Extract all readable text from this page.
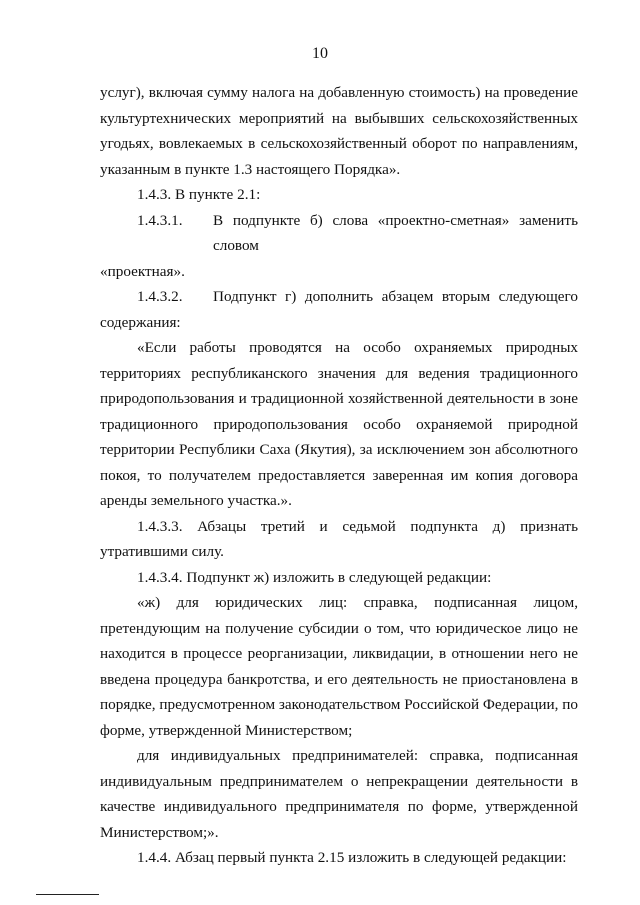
10

услуг), включая сумму налога на добавленную стоимость) на проведение культуртехнических мероприятий на выбывших сельскохозяйственных угодьях, вовлекаемых в сельскохозяйственный оборот по направлениям, указанным в пункте 1.3 настоящего Порядка».

1.4.3. В пункте 2.1:

1.4.3.1.	В подпункте б) слова «проектно-сметная» заменить словом

«проектная».

1.4.3.2.	Подпункт г) дополнить абзацем вторым следующего

содержания:

«Если работы проводятся на особо охраняемых природных территориях республиканского значения для ведения традиционного природопользования и традиционной хозяйственной деятельности в зоне традиционного природопользования особо охраняемой природной территории Республики Саха (Якутия), за исключением зон абсолютного покоя, то получателем предоставляется заверенная им копия договора аренды земельного участка.».

1.4.3.3. Абзацы третий и седьмой подпункта д) признать утратившими силу.

1.4.3.4. Подпункт ж) изложить в следующей редакции:

«ж) для юридических лиц: справка, подписанная лицом, претендующим на получение субсидии о том, что юридическое лицо не находится в процессе реорганизации, ликвидации, в отношении него не введена процедура банкротства, и его деятельность не приостановлена в порядке, предусмотренном законодательством Российской Федерации, по форме, утвержденной Министерством;

для индивидуальных предпринимателей: справка, подписанная индивидуальным предпринимателем о непрекращении деятельности в качестве индивидуального предпринимателя по форме, утвержденной Министерством;».

1.4.4. Абзац первый пункта 2.15 изложить в следующей редакции:
